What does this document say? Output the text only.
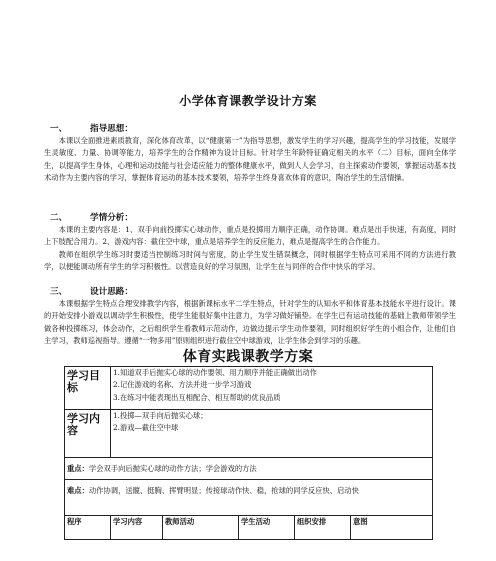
小学体育课教学设计方案
一、	指导思想：

本课以全面推进素质教育，深化体育改革，以“健康第一”为指导思想，激发学生的学习兴趣，提高学生的学习技能，发展学生灵敏度、力量、协调等能力，培养学生的合作精神为设计目标。针对学生年龄特征确定相关的水平（二）目标，面向全体学生，以提高学生身体，心理和运动技能与社会适应能力的整体健康水平，做到人人会学习，自主探索动作要领，掌握运动基本技术动作为主要内容的学习，掌握体育运动的基本技术要领，培养学生终身喜欢体育的意识，陶冶学生的生活情操。

二、	学情分析：

本课的主要内容是：1、双手向前投掷实心球动作，重点是投掷用力顺序正确，动作协调。难点是出手快速，有高度，同时上下肢配合用力。2、游戏内容：截住空中球，重点是培养学生的反应能力，难点是提高学生的合作能力。

教师在组织学生练习时要适当控制练习时间与密度，防止学生发生错误概念，同时根据学生特点可采用不同的方法进行教学，以便能调动所有学生的学习积极性。以营造良好的学习氛围，让学生在与同伴的合作中快乐的学习。

三、	设计思路：

本课根据学生特点合理安排教学内容，根据新课标水平二学生特点，针对学生的认知水平和体育基本技能水平进行设计。课的开始安排小游戏以调动学生积极性，使学生能很好集中注意力，为学习做好铺垫。在学生已有运动技能的基础上教师带领学生做各种投掷练习，体会动作，之后组织学生看教师示范动作，边做边提示学生动作要领，同时组织好学生的小组合作，让他们自主学习，教师巡视指导。遵循“一物多用”原则组织进行截住空中球游戏，让学生体会到学习的乐趣。

体育实践课教学方案
学习目标	1.知道双手后抛实心球的动作要领、用力顺序并能正确做出动作
2.记住游戏的名称、方法并进一步学习游戏
3.在练习中能表现出互相配合、相互帮助的优良品质				

学习内容	1.投掷—双手向后抛实心球；
2.游戏—截住空中球				

重点：学会双手向后抛实心球的动作方法；学会游戏的方法					
难点：动作协调，送髋、挺胸、挥臂明显；传接球动作快、稳，抢球的同学反应快、启动快					
程序	学习内容	教师活动	学生活动	组织安排	意图
